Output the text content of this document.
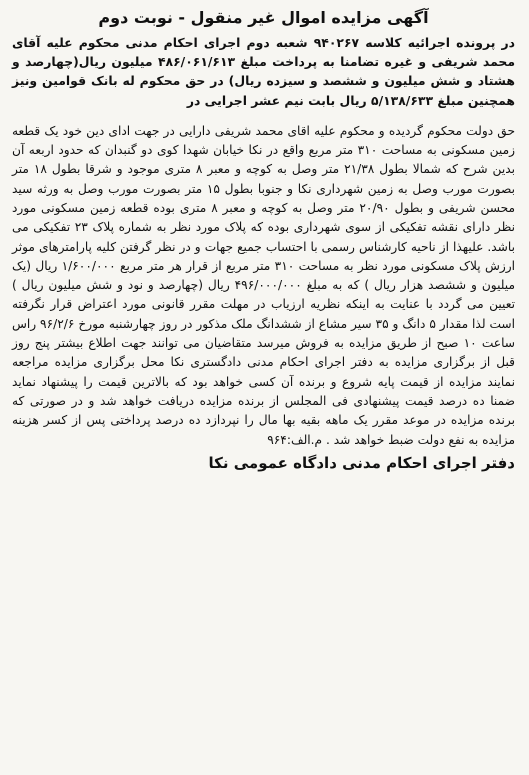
آگهی مزایده اموال غیر منقول - نوبت دوم

در پرونده اجرائیه کلاسه ۹۴۰۲۶۷ شعبه دوم اجرای احکام مدنی محکوم علیه آقای محمد شریفی و غیره تضامنا به پرداخت مبلغ ۴۸۶/۰۶۱/۶۱۳ میلیون ریال(چهارصد و هشتاد و شش میلیون و ششصد و سیزده ریال) در حق محکوم له بانک قوامین ونیز همچنین مبلغ ۵/۱۳۸/۶۳۳ ریال بابت نیم عشر اجرایی در

حق دولت محکوم گردیده و محکوم علیه اقای محمد شریفی دارایی در جهت ادای دین خود یک قطعه زمین مسکونی به مساحت ۳۱۰ متر مربع واقع در نکا خیابان شهدا کوی دو گنبدان که حدود اربعه آن بدین شرح که شمالا بطول ۲۱/۳۸ متر وصل به کوچه و معبر ۸ متری موجود و شرقا بطول ۱۸ متر بصورت مورب وصل به زمین شهرداری نکا و جنوبا بطول ۱۵ متر بصورت مورب وصل به ورثه سید محسن شریفی و بطول ۲۰/۹۰ متر وصل به کوچه و معبر ۸ متری بوده قطعه زمین مسکونی مورد نظر دارای نقشه تفکیکی از سوی شهرداری بوده که پلاک مورد نظر به شماره پلاک ۲۳ تفکیکی می باشد. علیهذا از ناحیه کارشناس رسمی با احتساب جمیع جهات و در نظر گرفتن کلیه پارامترهای موثر ارزش پلاک مسکونی مورد نظر به مساحت ۳۱۰ متر مربع از قرار هر متر مربع ۱/۶۰۰/۰۰۰ ریال (یک میلیون و ششصد هزار ریال ) که به مبلغ ۴۹۶/۰۰۰/۰۰۰ ریال (چهارصد و نود و شش میلیون ریال ) تعیین می گردد با عنایت به اینکه نظریه ارزیاب در مهلت مقرر قانونی مورد اعتراض قرار نگرفته است لذا مقدار ۵ دانگ و ۳۵ سیر مشاع از ششدانگ ملک مذکور در روز چهارشنبه مورخ ۹۶/۲/۶ راس ساعت ۱۰ صبح از طریق مزایده به فروش میرسد متقاضیان می توانند جهت اطلاع بیشتر پنج روز قبل از برگزاری مزایده به دفتر اجرای احکام مدنی دادگستری نکا محل برگزاری مزایده مراجعه نمایند مزایده از قیمت پایه شروع و برنده آن کسی خواهد بود که بالاترین قیمت را پیشنهاد نماید ضمنا ده درصد قیمت پیشنهادی فی المجلس از برنده مزایده دریافت خواهد شد و در صورتی که برنده مزایده در موعد مقرر یک ماهه بقیه بها مال را نپردازد ده درصد پرداختی پس از کسر هزینه مزایده به نفع دولت ضبط خواهد شد . م.الف:۹۶۴

دفتر اجرای احکام مدنی دادگاه عمومی نکا
